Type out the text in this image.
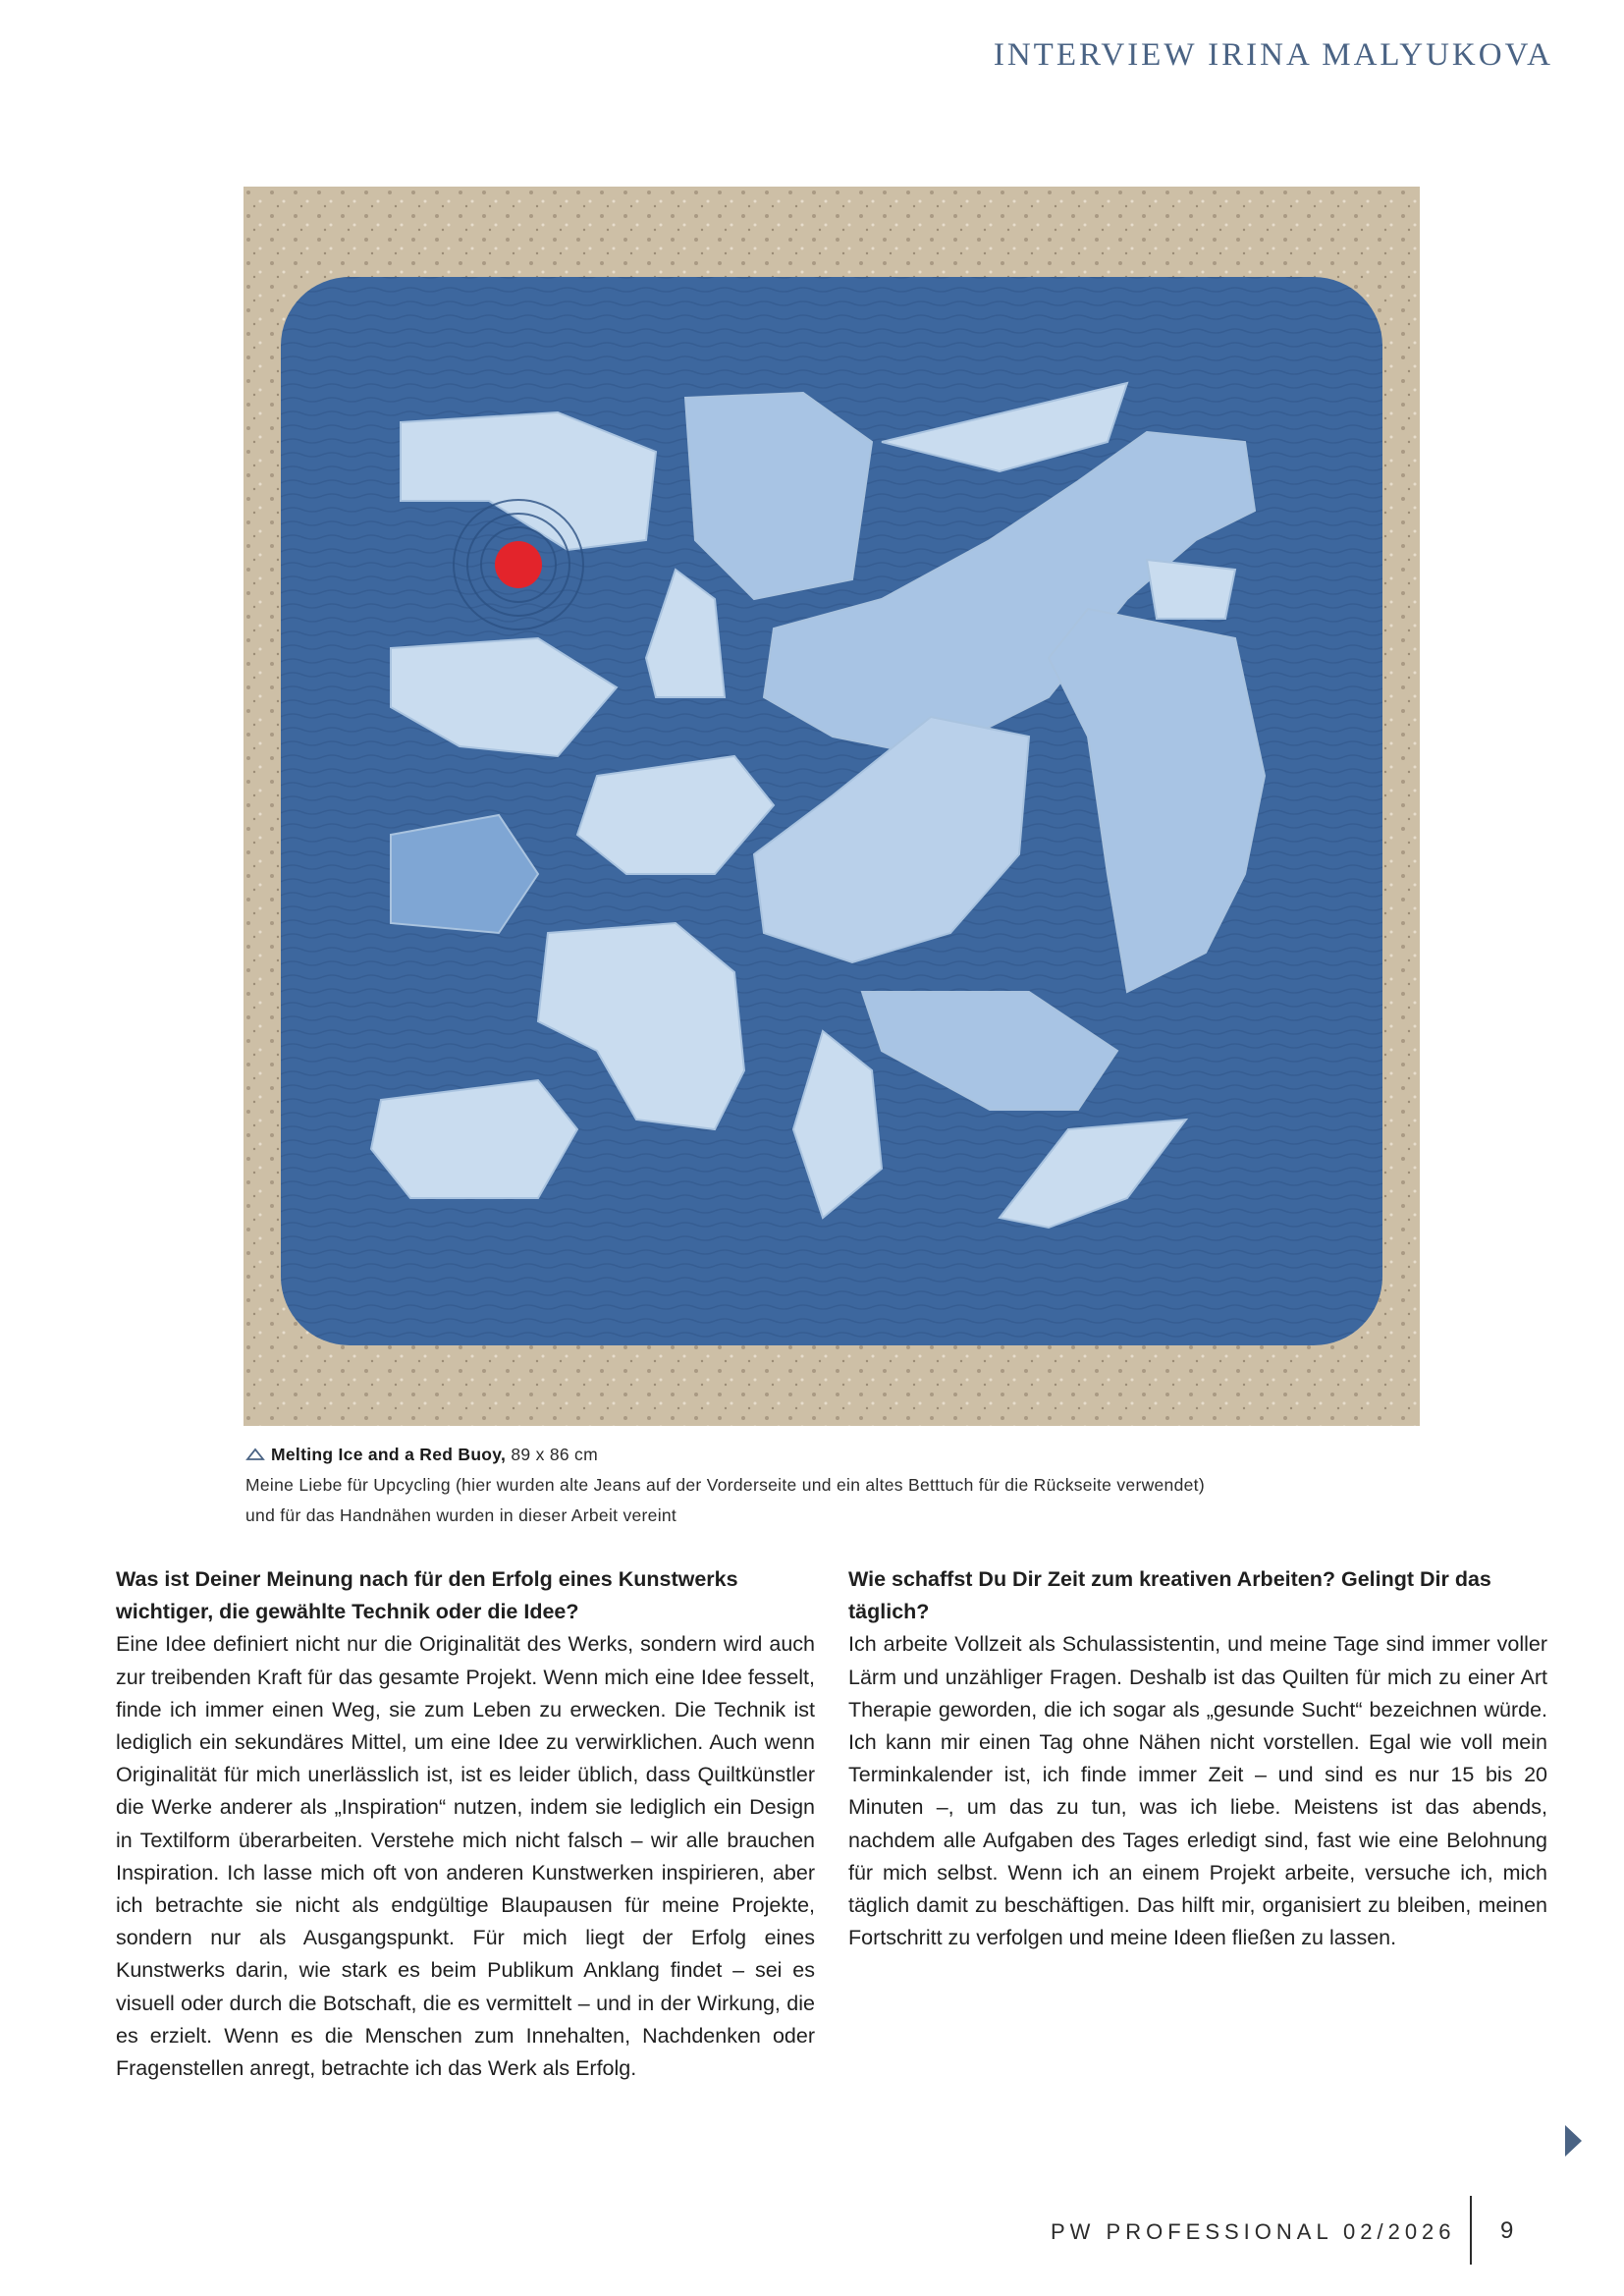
INTERVIEW IRINA MALYUKOVA

Melting Ice and a Red Buoy, 89 x 86 cm

Meine Liebe für Upcycling (hier wurden alte Jeans auf der Vorderseite und ein altes Betttuch für die Rückseite verwendet)

und für das Handnähen wurden in dieser Arbeit vereint

Was ist Deiner Meinung nach für den Erfolg eines Kunstwerks wichtiger, die gewählte Technik oder die Idee?

Eine Idee definiert nicht nur die Originalität des Werks, sondern wird auch zur treibenden Kraft für das gesamte Projekt. Wenn mich eine Idee fesselt, finde ich immer einen Weg, sie zum Leben zu erwecken. Die Technik ist lediglich ein sekundäres Mittel, um eine Idee zu verwirklichen. Auch wenn Originalität für mich unerlässlich ist, ist es leider üblich, dass Quiltkünstler die Werke anderer als „Inspiration“ nutzen, indem sie lediglich ein Design in Textilform überarbeiten. Verstehe mich nicht falsch – wir alle brauchen Inspiration. Ich lasse mich oft von anderen Kunstwerken inspirieren, aber ich betrachte sie nicht als endgültige Blaupausen für meine Projekte, sondern nur als Ausgangspunkt. Für mich liegt der Erfolg eines Kunstwerks darin, wie stark es beim Publikum Anklang findet – sei es visuell oder durch die Botschaft, die es vermittelt – und in der Wirkung, die es erzielt. Wenn es die Menschen zum Innehalten, Nachdenken oder Fragenstellen anregt, betrachte ich das Werk als Erfolg.

Wie schaffst Du Dir Zeit zum kreativen Arbeiten? Gelingt Dir das täglich?

Ich arbeite Vollzeit als Schulassistentin, und meine Tage sind immer voller Lärm und unzähliger Fragen. Deshalb ist das Quilten für mich zu einer Art Therapie geworden, die ich sogar als „gesunde Sucht“ bezeichnen würde. Ich kann mir einen Tag ohne Nähen nicht vorstellen. Egal wie voll mein Terminkalender ist, ich finde immer Zeit – und sind es nur 15 bis 20 Minuten –, um das zu tun, was ich liebe. Meistens ist das abends, nachdem alle Aufgaben des Tages erledigt sind, fast wie eine Belohnung für mich selbst. Wenn ich an einem Projekt arbeite, versuche ich, mich täglich damit zu beschäftigen. Das hilft mir, organisiert zu bleiben, meinen Fortschritt zu verfolgen und meine Ideen fließen zu lassen.

PW PROFESSIONAL 02/2026 9
